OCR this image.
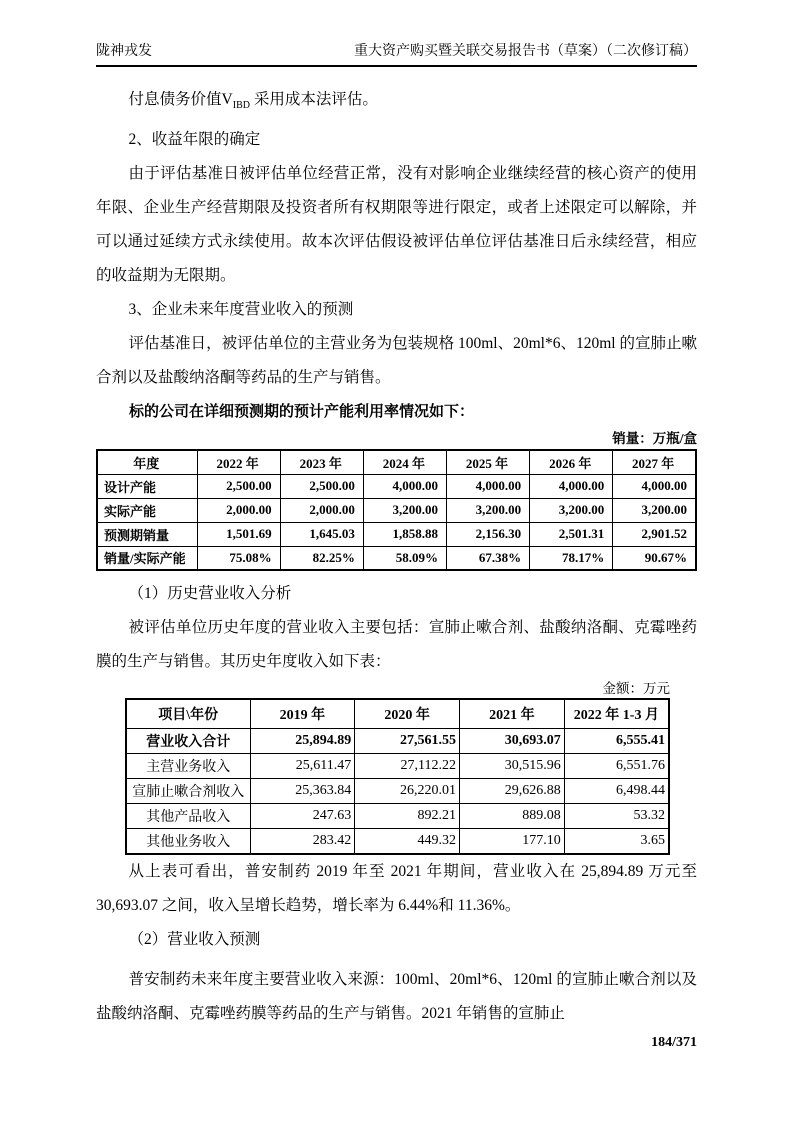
陇神戎发	重大资产购买暨关联交易报告书（草案）（二次修订稿）

付息债务价值$V_{IBD}$ 采用成本法评估。

2、收益年限的确定

由于评估基准日被评估单位经营正常，没有对影响企业继续经营的核心资产的使用年限、企业生产经营期限及投资者所有权期限等进行限定，或者上述限定可以解除，并可以通过延续方式永续使用。故本次评估假设被评估单位评估基准日后永续经营，相应的收益期为无限期。

3、企业未来年度营业收入的预测

评估基准日，被评估单位的主营业务为包装规格 100ml、20ml*6、120ml 的宣肺止嗽合剂以及盐酸纳洛酮等药品的生产与销售。

标的公司在详细预测期的预计产能利用率情况如下：

销量：万瓶/盒

年度	2022 年	2023 年	2024 年	2025 年	2026 年	2027 年
设计产能	2,500.00	2,500.00	4,000.00	4,000.00	4,000.00	4,000.00
实际产能	2,000.00	2,000.00	3,200.00	3,200.00	3,200.00	3,200.00
预测期销量	1,501.69	1,645.03	1,858.88	2,156.30	2,501.31	2,901.52
销量/实际产能	75.08%	82.25%	58.09%	67.38%	78.17%	90.67%

（1）历史营业收入分析

被评估单位历史年度的营业收入主要包括：宣肺止嗽合剂、盐酸纳洛酮、克霉唑药膜的生产与销售。其历史年度收入如下表：

金额：万元

项目\年份	2019 年	2020 年	2021 年	2022 年 1-3 月
营业收入合计	25,894.89	27,561.55	30,693.07	6,555.41
主营业务收入	25,611.47	27,112.22	30,515.96	6,551.76
宣肺止嗽合剂收入	25,363.84	26,220.01	29,626.88	6,498.44
其他产品收入	247.63	892.21	889.08	53.32
其他业务收入	283.42	449.32	177.10	3.65

从上表可看出，普安制药 2019 年至 2021 年期间，营业收入在 25,894.89 万元至 30,693.07 之间，收入呈增长趋势，增长率为 6.44%和 11.36%。

（2）营业收入预测

普安制药未来年度主要营业收入来源：100ml、20ml*6、120ml 的宣肺止嗽合剂以及盐酸纳洛酮、克霉唑药膜等药品的生产与销售。2021 年销售的宣肺止

184/371
